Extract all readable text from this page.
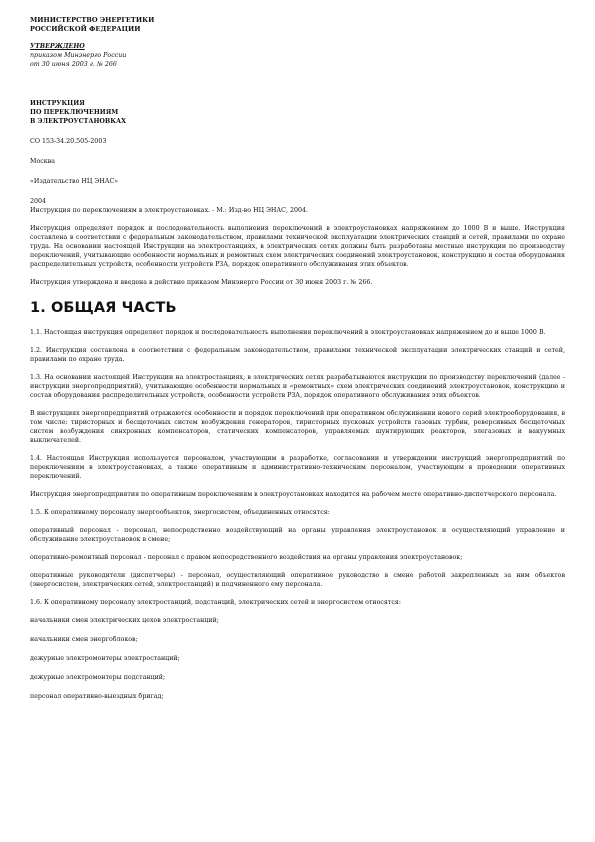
МИНИСТЕРСТВО ЭНЕРГЕТИКИ
РОССИЙСКОЙ ФЕДЕРАЦИИ
УТВЕРЖДЕНО
приказом Минэнерго России
от 30 июня 2003 г. № 266
ИНСТРУКЦИЯ
ПО ПЕРЕКЛЮЧЕНИЯМ
В ЭЛЕКТРОУСТАНОВКАХ
СО 153-34.20.505-2003
Москва
«Издательство НЦ ЭНАС»
2004
Инструкция по переключениям в электроустановках. - М.: Изд-во НЦ ЭНАС, 2004.
Инструкция определяет порядок и последовательность выполнения переключений в электроустановках напряжением до 1000 В и выше. Инструкция составлена в соответствии с федеральным законодательством, правилами технической эксплуатации электрических станций и сетей, правилами по охране труда. На основании настоящей Инструкции на электростанциях, в электрических сетях должны быть разработаны местные инструкции по производству переключений, учитывающие особенности нормальных и ремонтных схем электрических соединений электроустановок, конструкцию и состав оборудования распределительных устройств, особенности устройств РЗА, порядок оперативного обслуживания этих объектов.
Инструкция утверждена и введена в действие приказом Минэнерго России от 30 июня 2003 г. № 266.
1. ОБЩАЯ ЧАСТЬ
1.1. Настоящая инструкция определяет порядок и последовательность выполнения переключений в электроустановках напряжением до и выше 1000 В.
1.2. Инструкция составлена в соответствии с федеральным законодательством, правилами технической эксплуатации электрических станций и сетей, правилами по охране труда.
1.3. На основании настоящей Инструкции на электростанциях, в электрических сетях разрабатываются инструкции по производству переключений (далее - инструкции энергопредприятий), учитывающие особенности нормальных и «ремонтных» схем электрических соединений электроустановок, конструкцию и состав оборудования распределительных устройств, особенности устройств РЗА, порядок оперативного обслуживания этих объектов.
В инструкциях энергопредприятий отражаются особенности и порядок переключений при оперативном обслуживании нового серий электрооборудования, в том числе: тиристорных и бесщеточных систем возбуждения генераторов, тиристорных пусковых устройств газовых турбин, реверсивных бесщеточных систем возбуждения синхронных компенсаторов, статических компенсаторов, управляемых шунтирующих реакторов, элегазовых и вакуумных выключателей.
1.4. Настоящая Инструкция используется персоналом, участвующим в разработке, согласовании и утверждении инструкций энергопредприятий по переключениям в электроустановках, а также оперативным и административно-техническим персоналом, участвующим в проведении оперативных переключений.
Инструкция энергопредприятия по оперативным переключениям в электроустановках находится на рабочем месте оперативно-диспетчерского персонала.
1.5. К оперативному персоналу энергообъектов, энергосистем, объединенных относятся:
оперативный персонал - персонал, непосредственно воздействующий на органы управления электроустановок и осуществляющий управление и обслуживание электроустановок в смене;
оперативно-ремонтный персонал - персонал с правом непосредственного воздействия на органы управления электроустановок;
оперативные руководители (диспетчеры) - персонал, осуществляющий оперативное руководство в смене работой закрепленных за ним объектов (энергосистем, электрических сетей, электростанций) и подчиненного ему персонала.
1.6. К оперативному персоналу электростанций, подстанций, электрических сетей и энергосистем относятся:
начальники смен электрических цехов электростанций;
начальники смен энергоблоков;
дежурные электромонтеры электростанций;
дежурные электромонтеры подстанций;
персонал оперативно-выездных бригад;
